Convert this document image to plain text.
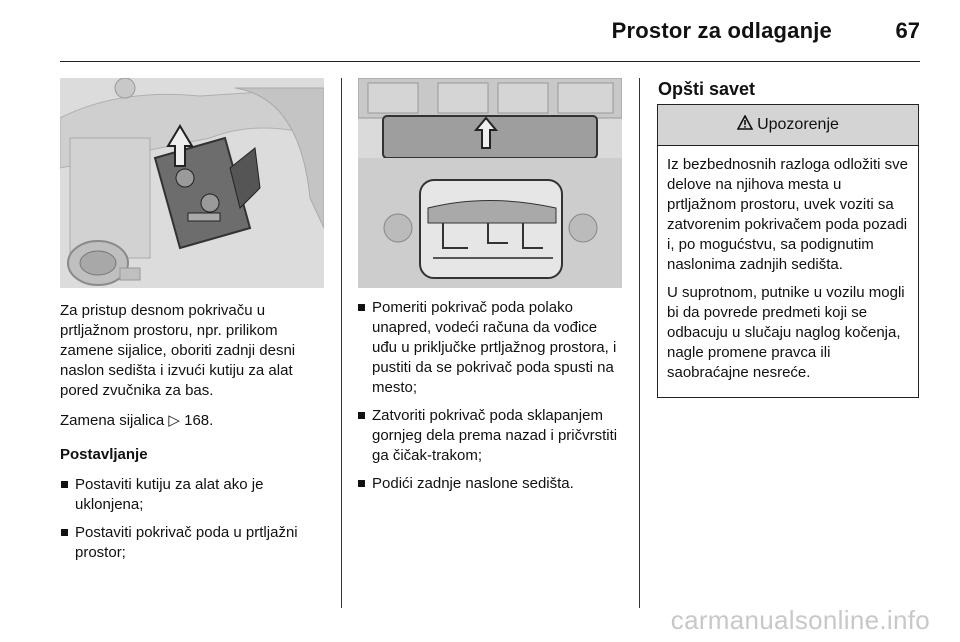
Prostor za odlaganje	67

Za pristup desnom pokrivaču u prtljažnom prostoru, npr. prilikom zamene sijalice, oboriti zadnji desni naslon sedišta i izvući kutiju za alat pored zvučnika za bas.

Zamena sijalica ▷ 168.

Postavljanje

Postaviti kutiju za alat ako je uklonjena;
Postaviti pokrivač poda u prtljažni prostor;
Pomeriti pokrivač poda polako unapred, vodeći računa da vođice uđu u priključke prtljažnog prostora, i pustiti da se pokrivač poda spusti na mesto;
Zatvoriti pokrivač poda sklapanjem gornjeg dela prema nazad i pričvrstiti ga čičak-trakom;
Podići zadnje naslone sedišta.
Opšti savet
Upozorenje

Iz bezbednosnih razloga odložiti sve delove na njihova mesta u prtljažnom prostoru, uvek voziti sa zatvorenim pokrivačem poda pozadi i, po mogućstvu, sa podignutim naslonima zadnjih sedišta.

U suprotnom, putnike u vozilu mogli bi da povrede predmeti koji se odbacuju u slučaju naglog kočenja, nagle promene pravca ili saobraćajne nesreće.

carmanualsonline.info
